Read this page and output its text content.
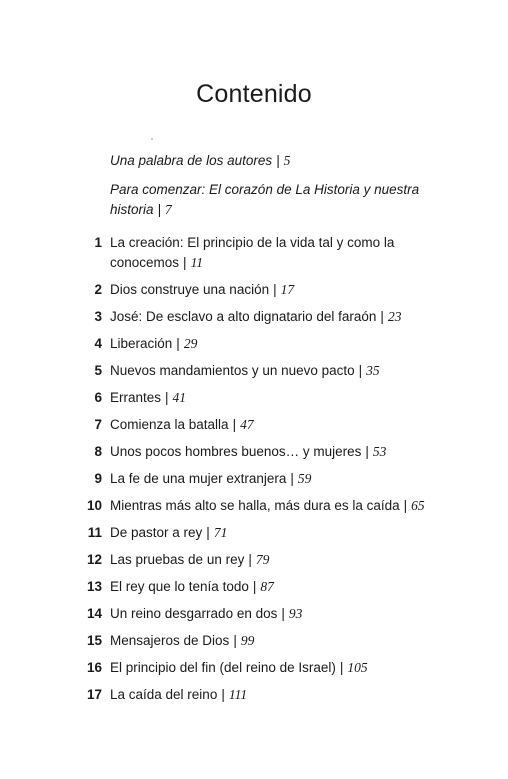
Contenido
Una palabra de los autores | 5
Para comenzar: El corazón de La Historia y nuestra historia | 7
1 La creación: El principio de la vida tal y como la conocemos | 11
2 Dios construye una nación | 17
3 José: De esclavo a alto dignatario del faraón | 23
4 Liberación | 29
5 Nuevos mandamientos y un nuevo pacto | 35
6 Errantes | 41
7 Comienza la batalla | 47
8 Unos pocos hombres buenos… y mujeres | 53
9 La fe de una mujer extranjera | 59
10 Mientras más alto se halla, más dura es la caída | 65
11 De pastor a rey | 71
12 Las pruebas de un rey | 79
13 El rey que lo tenía todo | 87
14 Un reino desgarrado en dos | 93
15 Mensajeros de Dios | 99
16 El principio del fin (del reino de Israel) | 105
17 La caída del reino | 111
